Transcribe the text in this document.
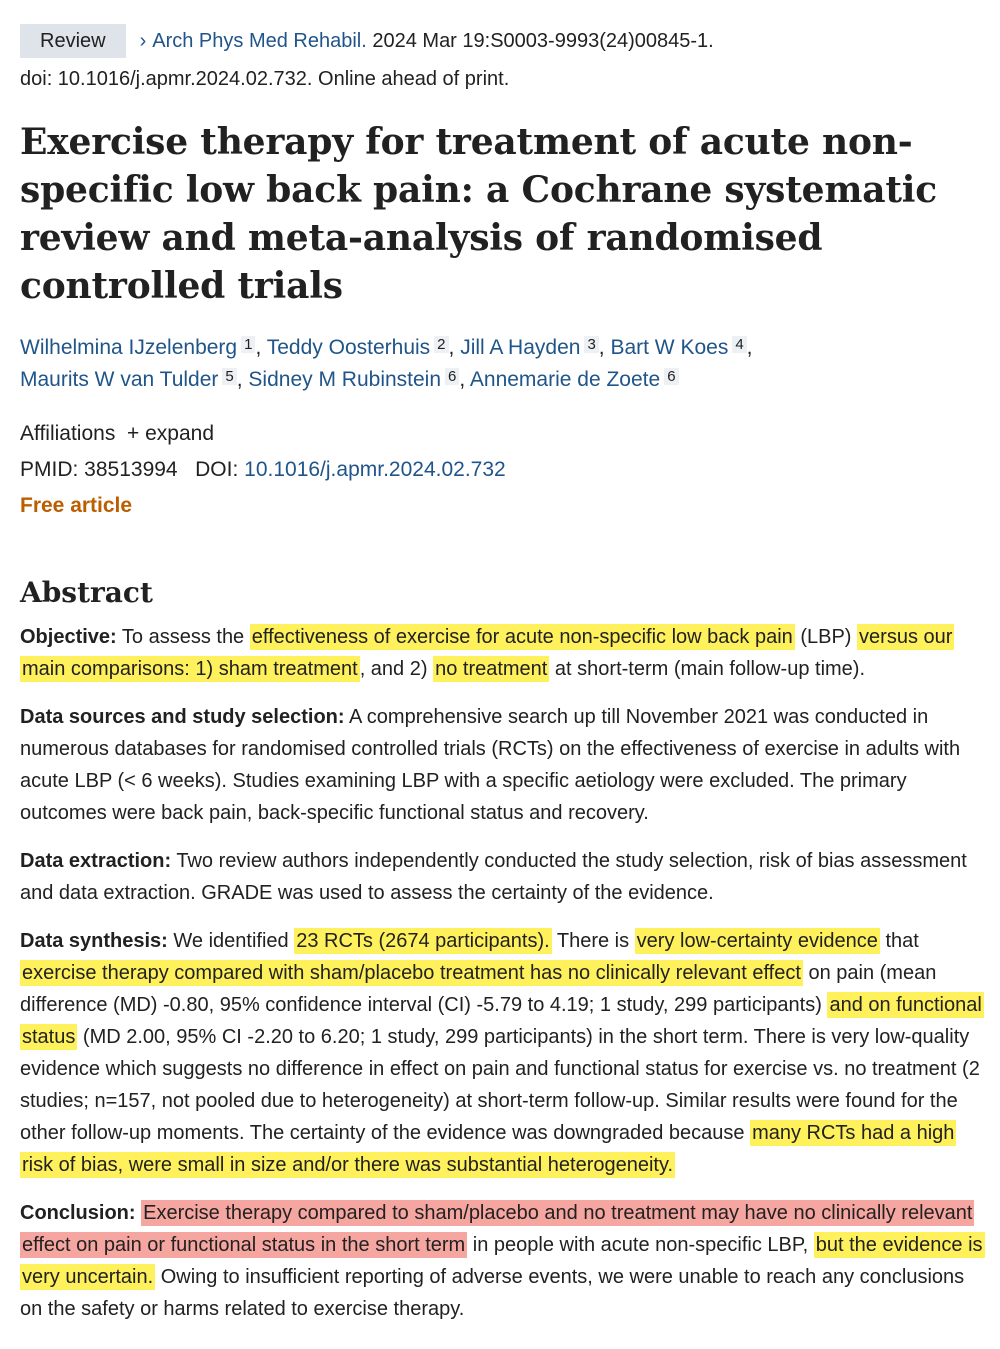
Review › Arch Phys Med Rehabil. 2024 Mar 19:S0003-9993(24)00845-1.
doi: 10.1016/j.apmr.2024.02.732. Online ahead of print.
Exercise therapy for treatment of acute non-specific low back pain: a Cochrane systematic review and meta-analysis of randomised controlled trials
Wilhelmina IJzelenberg $^1$ , Teddy Oosterhuis $^2$ , Jill A Hayden $^3$ , Bart W Koes $^4$ ,
Maurits W van Tulder $^5$ , Sidney M Rubinstein $^6$ , Annemarie de Zoete $^6$
Affiliations + expand
PMID: 38513994 DOI: 10.1016/j.apmr.2024.02.732
Free article
Abstract

Objective: To assess the effectiveness of exercise for acute non-specific low back pain (LBP) versus our main comparisons: 1) sham treatment , and 2) no treatment at short-term (main follow-up time).

Data sources and study selection: A comprehensive search up till November 2021 was conducted in numerous databases for randomised controlled trials (RCTs) on the effectiveness of exercise in adults with acute LBP (< 6 weeks). Studies examining LBP with a specific aetiology were excluded. The primary outcomes were back pain, back-specific functional status and recovery.

Data extraction: Two review authors independently conducted the study selection, risk of bias assessment and data extraction. GRADE was used to assess the certainty of the evidence.

Data synthesis: We identified 23 RCTs (2674 participants). There is very low-certainty evidence that exercise therapy compared with sham/placebo treatment has no clinically relevant effect on pain (mean difference (MD) -0.80, 95% confidence interval (CI) -5.79 to 4.19; 1 study, 299 participants) and on functional status (MD 2.00, 95% CI -2.20 to 6.20; 1 study, 299 participants) in the short term. There is very low-quality evidence which suggests no difference in effect on pain and functional status for exercise vs. no treatment (2 studies; n=157, not pooled due to heterogeneity) at short-term follow-up. Similar results were found for the other follow-up moments. The certainty of the evidence was downgraded because many RCTs had a high risk of bias, were small in size and/or there was substantial heterogeneity.

Conclusion: Exercise therapy compared to sham/placebo and no treatment may have no clinically relevant effect on pain or functional status in the short term in people with acute non-specific LBP, but the evidence is very uncertain. Owing to insufficient reporting of adverse events, we were unable to reach any conclusions on the safety or harms related to exercise therapy.
